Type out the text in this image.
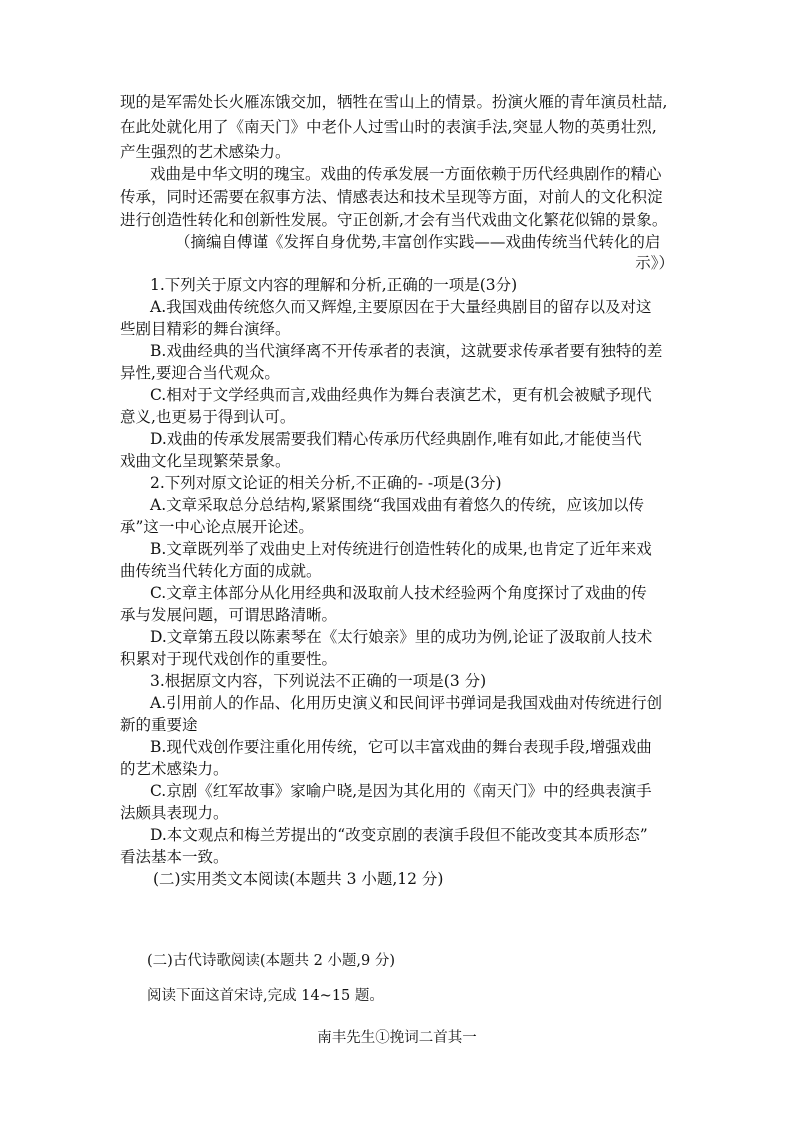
现的是军需处长火雁冻饿交加，牺牲在雪山上的情景。扮演火雁的青年演员杜喆,
在此处就化用了《南天门》中老仆人过雪山时的表演手法,突显人物的英勇壮烈,
产生强烈的艺术感染力。
戏曲是中华文明的瑰宝。戏曲的传承发展一方面依赖于历代经典剧作的精心
传承，同时还需要在叙事方法、情感表达和技术呈现等方面，对前人的文化积淀
进行创造性转化和创新性发展。守正创新,才会有当代戏曲文化繁花似锦的景象。
（摘编自傅谨《发挥自身优势,丰富创作实践——戏曲传统当代转化的启
示》）
1.下列关于原文内容的理解和分析,正确的一项是(3分)
A.我国戏曲传统悠久而又辉煌,主要原因在于大量经典剧目的留存以及对这
些剧目精彩的舞台演绎。
B.戏曲经典的当代演绎离不开传承者的表演，这就要求传承者要有独特的差
异性,要迎合当代观众。
C.相对于文学经典而言,戏曲经典作为舞台表演艺术，更有机会被赋予现代
意义,也更易于得到认可。
D.戏曲的传承发展需要我们精心传承历代经典剧作,唯有如此,才能使当代
戏曲文化呈现繁荣景象。
2.下列对原文论证的相关分析,不正确的- -项是(3分)
A.文章采取总分总结构,紧紧围绕“我国戏曲有着悠久的传统，应该加以传
承”这一中心论点展开论述。
B.文章既列举了戏曲史上对传统进行创造性转化的成果,也肯定了近年来戏
曲传统当代转化方面的成就。
C.文章主体部分从化用经典和汲取前人技术经验两个角度探讨了戏曲的传
承与发展问题，可谓思路清晰。
D.文章第五段以陈素琴在《太行娘亲》里的成功为例,论证了汲取前人技术
积累对于现代戏创作的重要性。
3.根据原文内容，下列说法不正确的一项是(3 分)
A.引用前人的作品、化用历史演义和民间评书弹词是我国戏曲对传统进行创
新的重要途
B.现代戏创作要注重化用传统，它可以丰富戏曲的舞台表现手段,增强戏曲
的艺术感染力。
C.京剧《红军故事》家喻户晓,是因为其化用的《南天门》中的经典表演手
法颇具表现力。
D.本文观点和梅兰芳提出的“改变京剧的表演手段但不能改变其本质形态”
看法基本一致。
(二)实用类文本阅读(本题共 3 小题,12 分)
(二)古代诗歌阅读(本题共 2 小题,9 分)
阅读下面这首宋诗,完成 14~15 题。
南丰先生①挽词二首其一
